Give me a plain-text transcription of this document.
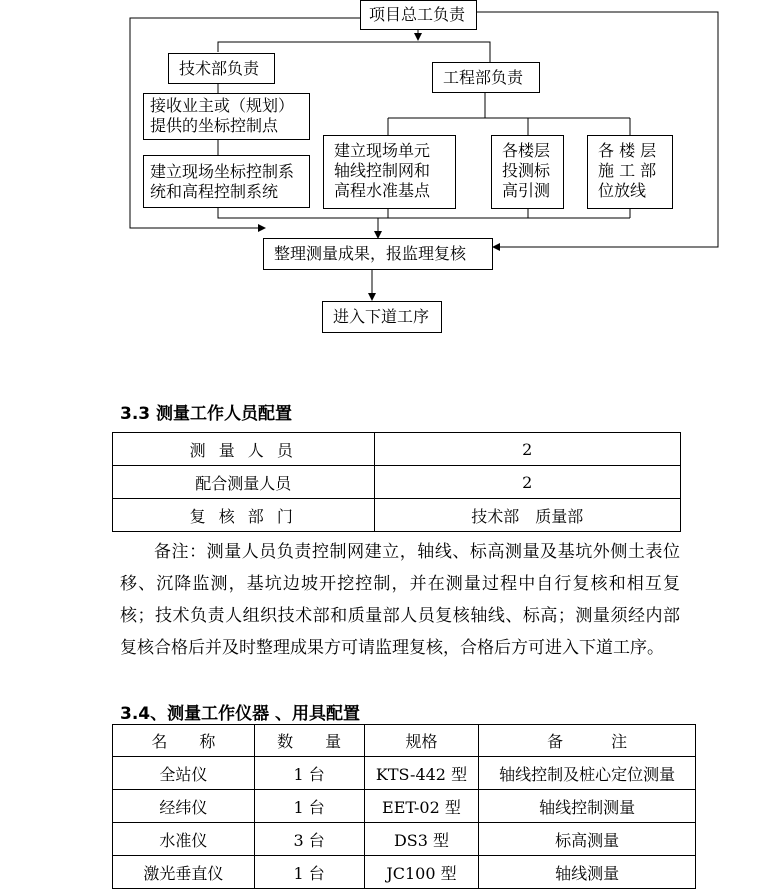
项目总工负责
技术部负责	工程部负责
接收业主或（规划）
提供的坐标控制点
建立现场坐标控制系
统和高程控制系统
建立现场单元
轴线控制网和
高程水准基点
各楼层
投测标
高引测
各 楼 层
施 工 部
位放线
整理测量成果，报监理复核
进入下道工序
3.3 测量工作人员配置
测 量 人 员	2
配合测量人员	2
复 核 部 门	技术部　质量部
备注：测量人员负责控制网建立，轴线、标高测量及基坑外侧土表位移、沉降监测，基坑边坡开挖控制，并在测量过程中自行复核和相互复核；技术负责人组织技术部和质量部人员复核轴线、标高；测量须经内部复核合格后并及时整理成果方可请监理复核，合格后方可进入下道工序。
3.4、测量工作仪器 、用具配置
名　　称	数　　量	规格	备　　　注
全站仪	1 台	KTS-442 型	轴线控制及桩心定位测量
经纬仪	1 台	EET-02 型	轴线控制测量
水准仪	3 台	DS3 型	标高测量
激光垂直仪	1 台	JC100 型	轴线测量
